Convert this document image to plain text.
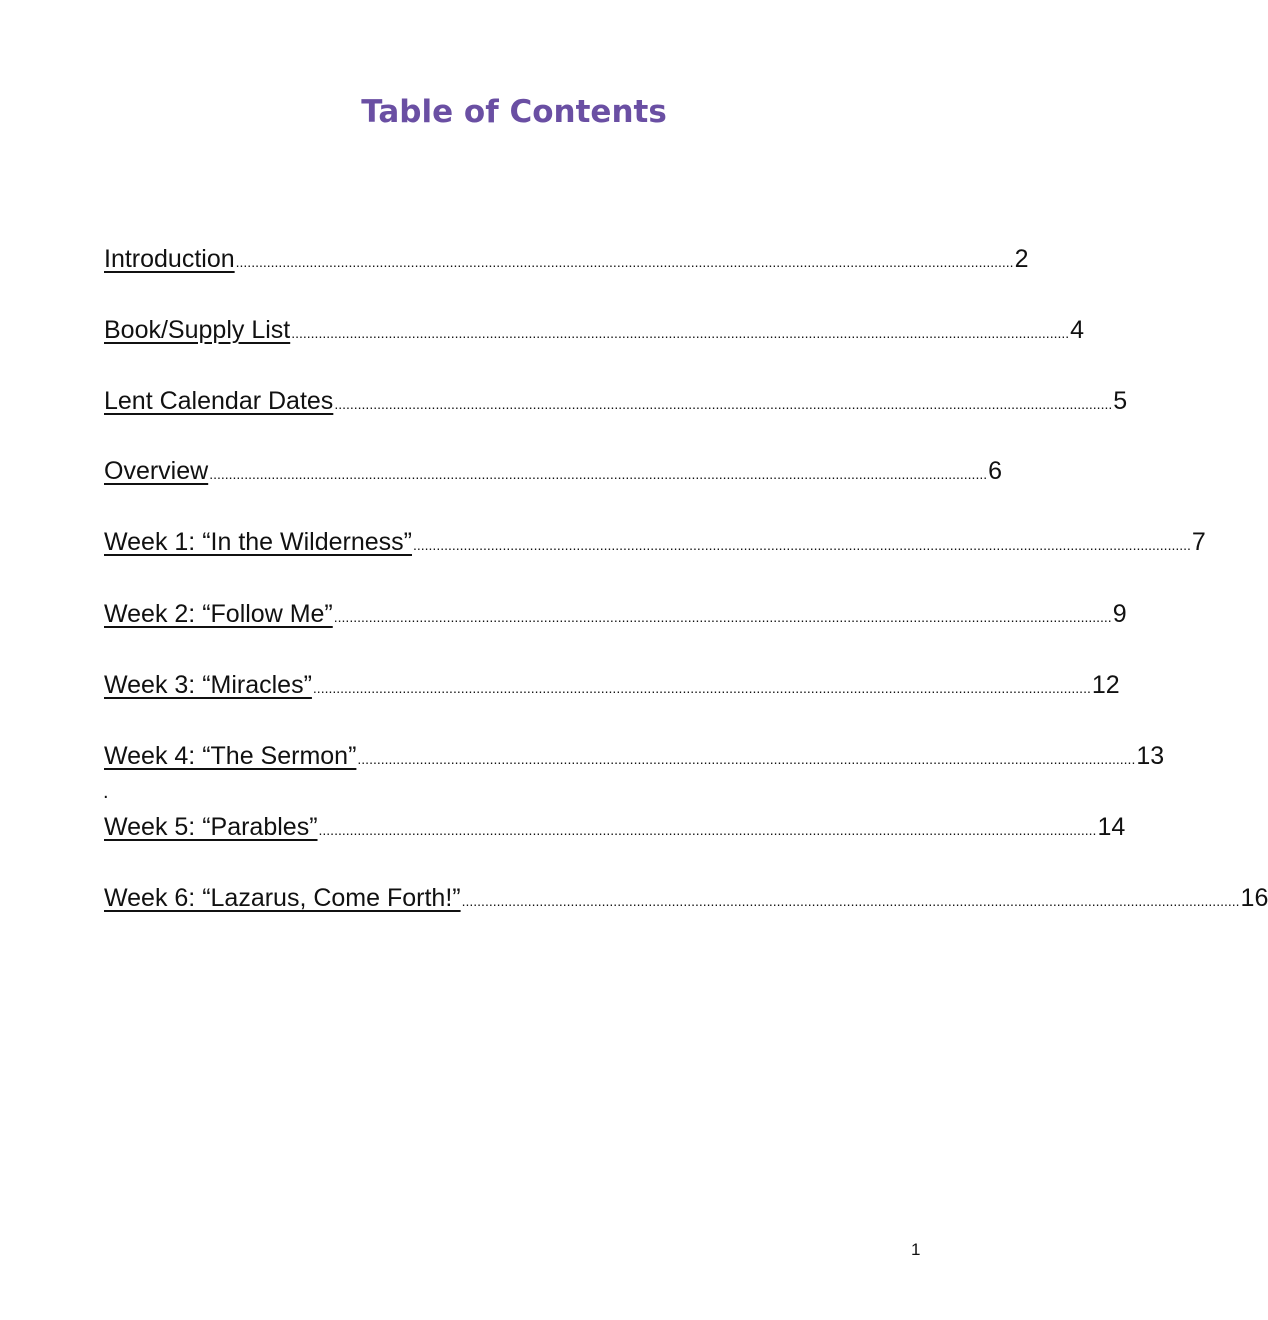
Table of Contents
Introduction ........................................................................................................................................................................................................ 2
Book/Supply List ........................................................................................................................................................................................................ 4
Lent Calendar Dates ........................................................................................................................................................................................................ 5
Overview ........................................................................................................................................................................................................ 6
Week 1: “In the Wilderness” ........................................................................................................................................................................................................ 7
Week 2: “Follow Me” ........................................................................................................................................................................................................ 9
Week 3: “Miracles” ........................................................................................................................................................................................................ 12
Week 4: “The Sermon” ........................................................................................................................................................................................................ 13
.
Week 5: “Parables” ........................................................................................................................................................................................................ 14
Week 6: “Lazarus, Come Forth!” ........................................................................................................................................................................................................ 16
1
